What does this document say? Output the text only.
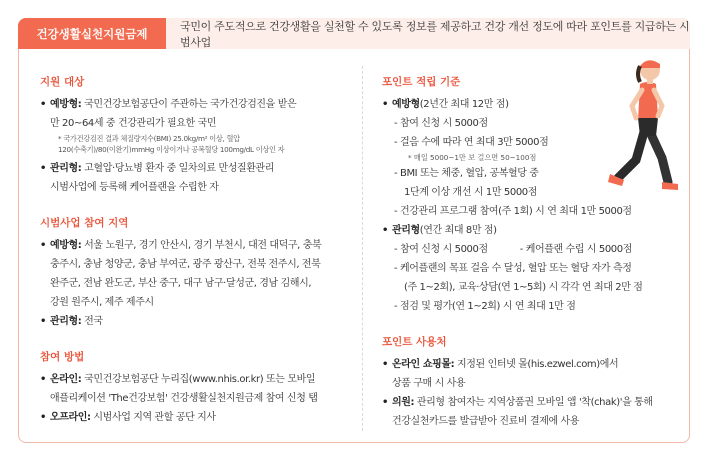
건강생활실천지원금제
국민이 주도적으로 건강생활을 실천할 수 있도록 정보를 제공하고 건강 개선 정도에 따라 포인트를 지급하는 시범사업
지원 대상
• 예방형: 국민건강보험공단이 주관하는 국가건강검진을 받은
만 20~64세 중 건강관리가 필요한 국민
* 국가건강검진 결과 체질량지수(BMI) 25.0kg/m² 이상, 혈압
120(수축기)/80(이완기)mmHg 이상이거나 공복혈당 100mg/dL 이상인 자
• 관리형: 고혈압·당뇨병 환자 중 일차의료 만성질환관리
시범사업에 등록해 케어플랜을 수립한 자
시범사업 참여 지역
• 예방형: 서울 노원구, 경기 안산시, 경기 부천시, 대전 대덕구, 충북
충주시, 충남 청양군, 충남 부여군, 광주 광산구, 전북 전주시, 전북
완주군, 전남 완도군, 부산 중구, 대구 남구·달성군, 경남 김해시,
강원 원주시, 제주 제주시
• 관리형: 전국
참여 방법
• 온라인: 국민건강보험공단 누리집(www.nhis.or.kr) 또는 모바일
애플리케이션 'The건강보험' 건강생활실천지원금제 참여 신청 탭
• 오프라인: 시범사업 지역 관할 공단 지사
포인트 적립 기준
• 예방형(2년간 최대 12만 점)
- 참여 신청 시 5000점
- 걸음 수에 따라 연 최대 3만 5000점
* 매일 5000~1만 보 걸으면 50~100점
- BMI 또는 체중, 혈압, 공복혈당 중
1단계 이상 개선 시 1만 5000점
- 건강관리 프로그램 참여(주 1회) 시 연 최대 1만 5000점
• 관리형(연간 최대 8만 점)
- 참여 신청 시 5000점	- 케어플랜 수립 시 5000점
- 케어플랜의 목표 걸음 수 달성, 혈압 또는 혈당 자가 측정
(주 1~2회), 교육·상담(연 1~5회) 시 각각 연 최대 2만 점
- 점검 및 평가(연 1~2회) 시 연 최대 1만 점
포인트 사용처
• 온라인 쇼핑몰: 지정된 인터넷 몰(his.ezwel.com)에서
상품 구매 시 사용
• 의원: 관리형 참여자는 지역상품권 모바일 앱 '착(chak)'을 통해
건강실천카드를 발급받아 진료비 결제에 사용
